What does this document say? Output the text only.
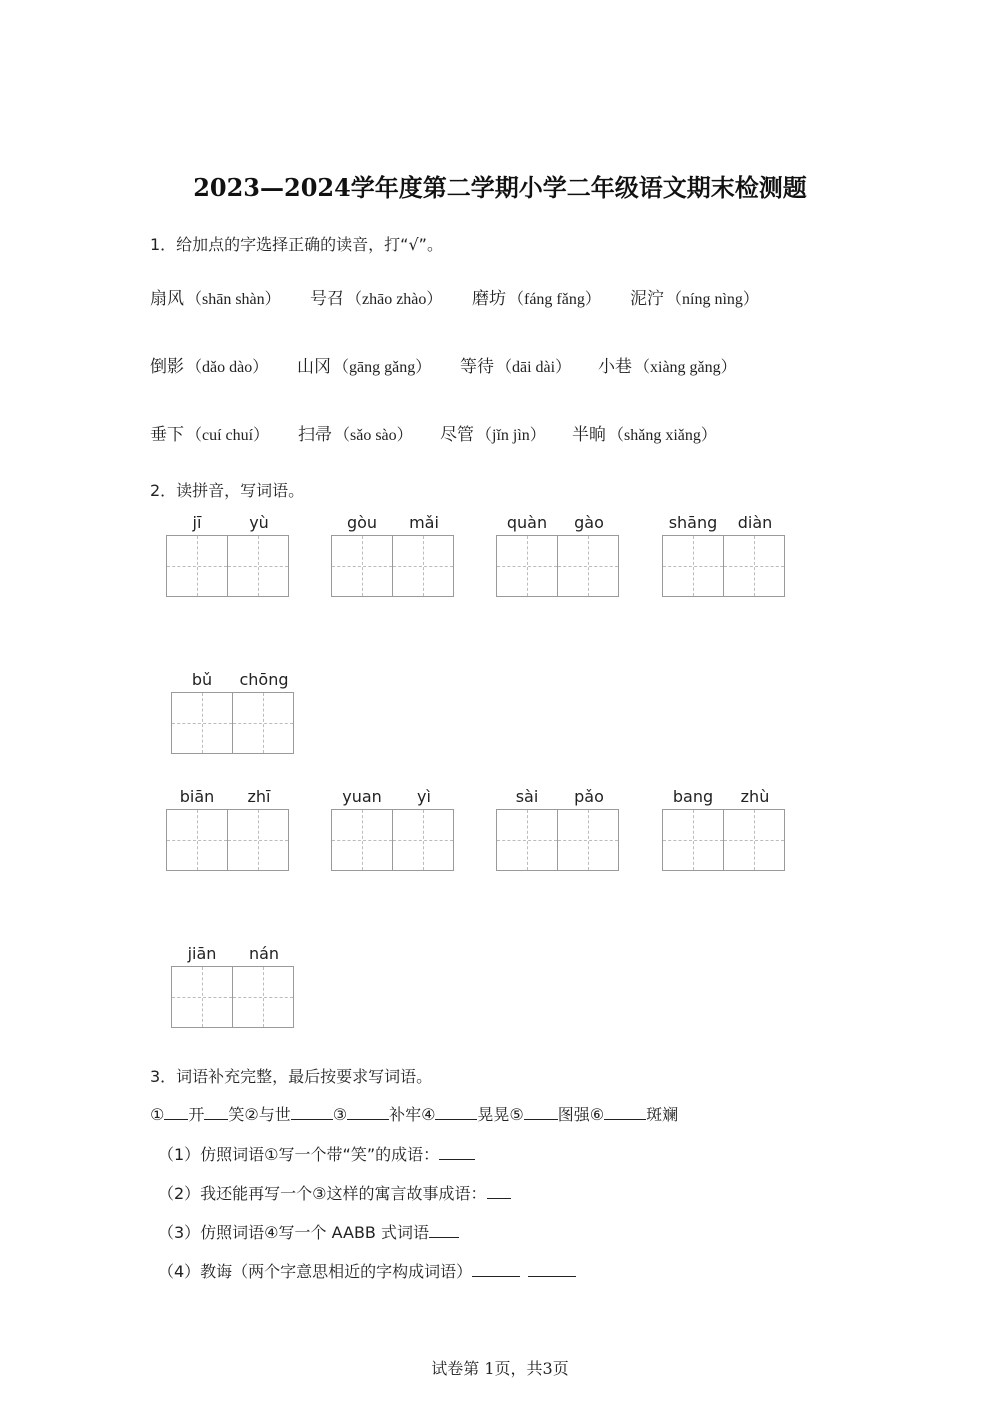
2023—2024学年度第二学期小学二年级语文期末检测题
1．给加点的字选择正确的读音，打“√”。
扇风 （shān shàn） 号召 （zhāo zhào） 磨坊 （fáng fǎng） 泥泞 （níng nìng）
倒影 （dǎo dào） 山冈 （gāng gǎng） 等待 （dāi dài） 小巷 （xiàng gǎng）
垂下 （cuí chuí） 扫帚 （sǎo sào） 尽管 （jǐn jìn） 半晌 （shǎng xiǎng）
2．读拼音，写词语。
jī	yù	gòu	mǎi	quàn	gào	shāng	diàn
bǔ	chōng
biān	zhī	yuan	yì	sài	pǎo	bang	zhù
jiān	nán
3．词语补充完整，最后按要求写词语。
① 开 笑②与世	③	补牢④	晃晃⑤ 图强⑥	斑斓
（1）仿照词语①写一个带“笑”的成语：
（2）我还能再写一个③这样的寓言故事成语：
（3）仿照词语④写一个 AABB 式词语
（4）教诲（两个字意思相近的字构成词语）
试卷第 1页，共3页
